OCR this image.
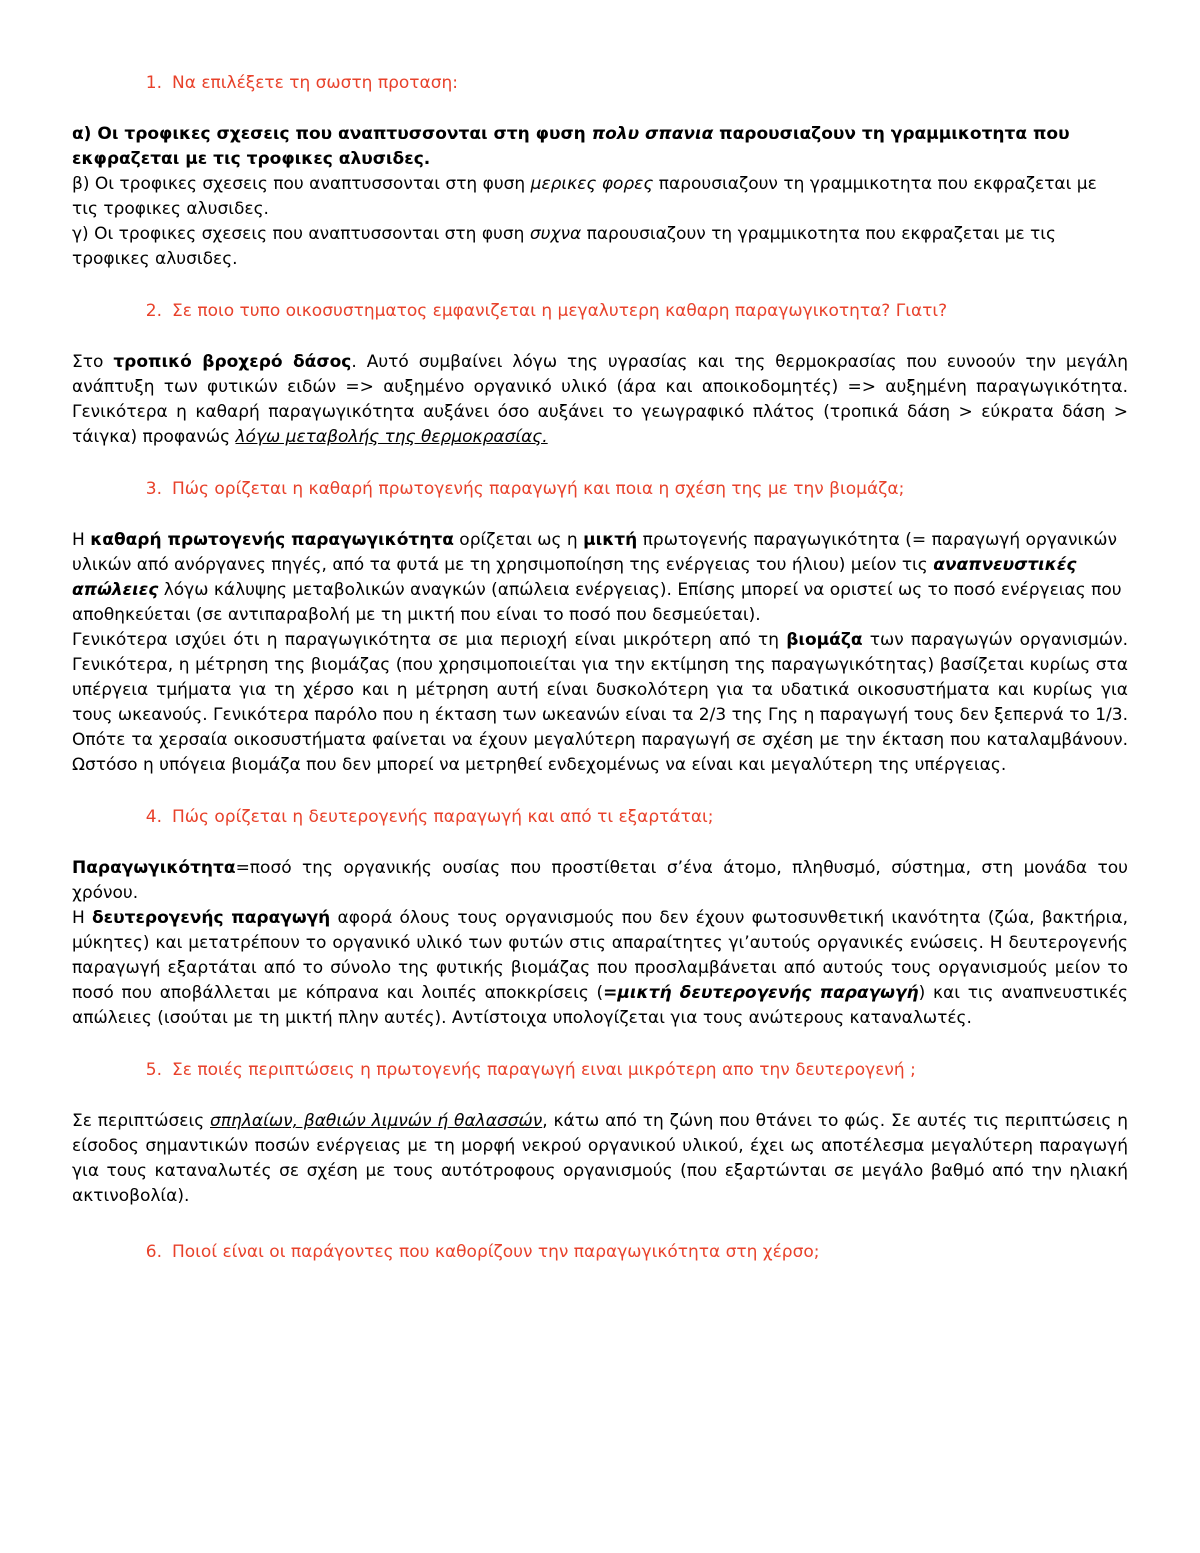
1. Να επιλέξετε τη σωστη προταση:

α) Οι τροφικες σχεσεις που αναπτυσσονται στη φυση πολυ σπανια παρουσιαζουν τη γραμμικοτητα που εκφραζεται με τις τροφικες αλυσιδες.

β) Οι τροφικες σχεσεις που αναπτυσσονται στη φυση μερικες φορες παρουσιαζουν τη γραμμικοτητα που εκφραζεται με τις τροφικες αλυσιδες.

γ) Οι τροφικες σχεσεις που αναπτυσσονται στη φυση συχνα παρουσιαζουν τη γραμμικοτητα που εκφραζεται με τις τροφικες αλυσιδες.

2. Σε ποιο τυπο οικοσυστηματος εμφανιζεται η μεγαλυτερη καθαρη παραγωγικοτητα? Γιατι?

Στο τροπικό βροχερό δάσος. Αυτό συμβαίνει λόγω της υγρασίας και της θερμοκρασίας που ευνοούν την μεγάλη ανάπτυξη των φυτικών ειδών => αυξημένο οργανικό υλικό (άρα και αποικοδομητές) => αυξημένη παραγωγικότητα. Γενικότερα η καθαρή παραγωγικότητα αυξάνει όσο αυξάνει το γεωγραφικό πλάτος (τροπικά δάση > εύκρατα δάση > τάιγκα) προφανώς λόγω μεταβολής της θερμοκρασίας.

3. Πώς ορίζεται η καθαρή πρωτογενής παραγωγή και ποια η σχέση της με την βιομάζα;

Η καθαρή πρωτογενής παραγωγικότητα ορίζεται ως η μικτή πρωτογενής παραγωγικότητα (= παραγωγή οργανικών υλικών από ανόργανες πηγές, από τα φυτά με τη χρησιμοποίηση της ενέργειας του ήλιου) μείον τις αναπνευστικές απώλειες λόγω κάλυψης μεταβολικών αναγκών (απώλεια ενέργειας). Επίσης μπορεί να οριστεί ως το ποσό ενέργειας που αποθηκεύεται (σε αντιπαραβολή με τη μικτή που είναι το ποσό που δεσμεύεται).

Γενικότερα ισχύει ότι η παραγωγικότητα σε μια περιοχή είναι μικρότερη από τη βιομάζα των παραγωγών οργανισμών. Γενικότερα, η μέτρηση της βιομάζας (που χρησιμοποιείται για την εκτίμηση της παραγωγικότητας) βασίζεται κυρίως στα υπέργεια τμήματα για τη χέρσο και η μέτρηση αυτή είναι δυσκολότερη για τα υδατικά οικοσυστήματα και κυρίως για τους ωκεανούς. Γενικότερα παρόλο που η έκταση των ωκεανών είναι τα 2/3 της Γης η παραγωγή τους δεν ξεπερνά το 1/3. Οπότε τα χερσαία οικοσυστήματα φαίνεται να έχουν μεγαλύτερη παραγωγή σε σχέση με την έκταση που καταλαμβάνουν. Ωστόσο η υπόγεια βιομάζα που δεν μπορεί να μετρηθεί ενδεχομένως να είναι και μεγαλύτερη της υπέργειας.

4. Πώς ορίζεται η δευτερογενής παραγωγή και από τι εξαρτάται;

Παραγωγικότητα=ποσό της οργανικής ουσίας που προστίθεται σ’ένα άτομο, πληθυσμό, σύστημα, στη μονάδα του χρόνου.

Η δευτερογενής παραγωγή αφορά όλους τους οργανισμούς που δεν έχουν φωτοσυνθετική ικανότητα (ζώα, βακτήρια, μύκητες) και μετατρέπουν το οργανικό υλικό των φυτών στις απαραίτητες γι’αυτούς οργανικές ενώσεις. Η δευτερογενής παραγωγή εξαρτάται από το σύνολο της φυτικής βιομάζας που προσλαμβάνεται από αυτούς τους οργανισμούς μείον το ποσό που αποβάλλεται με κόπρανα και λοιπές αποκκρίσεις (=μικτή δευτερογενής παραγωγή) και τις αναπνευστικές απώλειες (ισούται με τη μικτή πλην αυτές). Αντίστοιχα υπολογίζεται για τους ανώτερους καταναλωτές.

5. Σε ποιές περιπτώσεις η πρωτογενής παραγωγή ειναι μικρότερη απο την δευτερογενή ;

Σε περιπτώσεις σπηλαίων, βαθιών λιμνών ή θαλασσών, κάτω από τη ζώνη που θτάνει το φώς. Σε αυτές τις περιπτώσεις η είσοδος σημαντικών ποσών ενέργειας με τη μορφή νεκρού οργανικού υλικού, έχει ως αποτέλεσμα μεγαλύτερη παραγωγή για τους καταναλωτές σε σχέση με τους αυτότροφους οργανισμούς (που εξαρτώνται σε μεγάλο βαθμό από την ηλιακή ακτινοβολία).

6. Ποιοί είναι οι παράγοντες που καθορίζουν την παραγωγικότητα στη χέρσο;
